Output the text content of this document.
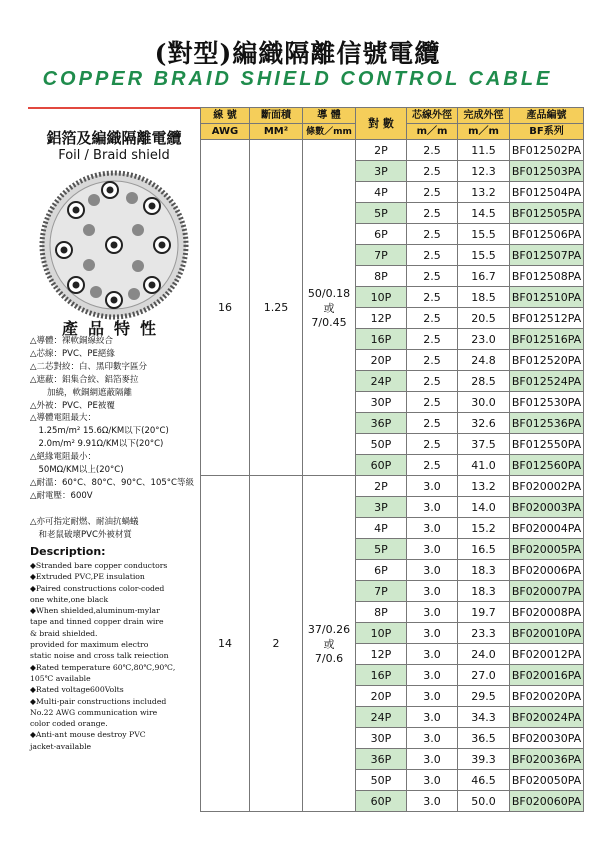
(對型)編織隔離信號電纜
COPPER BRAID SHIELD CONTROL CABLE
鋁箔及編織隔離電纜
Foil / Braid shield
產品特性
△導體：裸軟銅線絞合
△芯線：PVC、PE絕緣
△二芯對絞：白、黑印數字區分
△遮蔽：鋁集合絞、鋁箔麥拉
　　加繞，軟銅網遮蔽隔離
△外被：PVC、PE被覆
△導體電阻最大：
　1.25m/m² 15.6Ω/KM以下(20°C)
　2.0m/m² 9.91Ω/KM以下(20°C)
△絕緣電阻最小：
　50MΩ/KM以上(20°C)
△耐溫：60°C、80°C、90°C、105°C等級
△耐電壓：600V

△亦可指定耐燃、耐油抗蝸蟻
　和老鼠破壞PVC外被材質
Description:
◆Stranded bare copper conductors
◆Extruded PVC,PE insulation
◆Paired constructions color-coded
one white,one black
◆When shielded,aluminum-mylar
tape and tinned copper drain wire
& braid shielded.
provided for maximum electro
static noise and cross talk reiection
◆Rated temperature 60℃,80℃,90℃,
105℃ available
◆Rated voltage600Volts
◆Multi-pair constructions included
No.22 AWG communication wire
color coded orange.
◆Anti-ant mouse destroy PVC
jacket-available
線 號	斷面積	導 體	對 數	芯線外徑	完成外徑	產品編號
AWG	MM²	條數／mm		m／m	m／m	BF系列
16	1.25	50/0.18
或
7/0.45	2P	2.5	11.5	BF012502PA
			3P	2.5	12.3	BF012503PA
			4P	2.5	13.2	BF012504PA
			5P	2.5	14.5	BF012505PA
			6P	2.5	15.5	BF012506PA
			7P	2.5	15.5	BF012507PA
			8P	2.5	16.7	BF012508PA
			10P	2.5	18.5	BF012510PA
			12P	2.5	20.5	BF012512PA
			16P	2.5	23.0	BF012516PA
			20P	2.5	24.8	BF012520PA
			24P	2.5	28.5	BF012524PA
			30P	2.5	30.0	BF012530PA
			36P	2.5	32.6	BF012536PA
			50P	2.5	37.5	BF012550PA
			60P	2.5	41.0	BF012560PA
14	2	37/0.26
或
7/0.6	2P	3.0	13.2	BF020002PA
			3P	3.0	14.0	BF020003PA
			4P	3.0	15.2	BF020004PA
			5P	3.0	16.5	BF020005PA
			6P	3.0	18.3	BF020006PA
			7P	3.0	18.3	BF020007PA
			8P	3.0	19.7	BF020008PA
			10P	3.0	23.3	BF020010PA
			12P	3.0	24.0	BF020012PA
			16P	3.0	27.0	BF020016PA
			20P	3.0	29.5	BF020020PA
			24P	3.0	34.3	BF020024PA
			30P	3.0	36.5	BF020030PA
			36P	3.0	39.3	BF020036PA
			50P	3.0	46.5	BF020050PA
			60P	3.0	50.0	BF020060PA
